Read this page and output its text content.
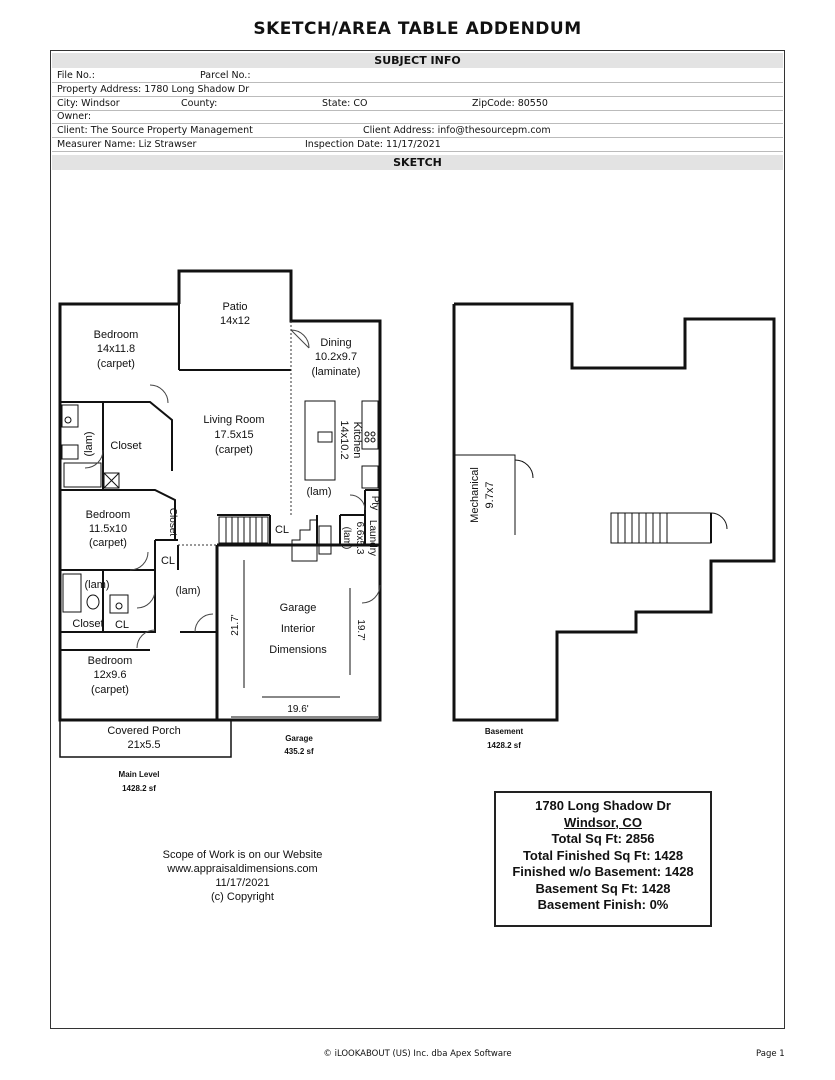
SKETCH/AREA TABLE ADDENDUM
SUBJECT INFO
File No.:	Parcel No.:
Property Address: 1780 Long Shadow Dr
City: Windsor	County:	State: CO	ZipCode: 80550
Owner:
Client: The Source Property Management	Client Address: info@thesourcepm.com
Measurer Name: Liz Strawser	Inspection Date: 11/17/2021
SKETCH
Patio
14x12
Bedroom
14x11.8
(carpet)
Dining
10.2x9.7
(laminate)
Living Room
17.5x15
(carpet)	Kitchen
14x10.2
(lam) Closet
(lam)
Pty
Laundry
6.6x5.3
(lam)
Bedroom
11.5x10
(carpet)
Closet	CL
CL
(lam)
(lam)
Closet CL
Bedroom
12x9.6
(carpet)
Garage
Interior
Dimensions
21.7'	19.7'
19.6'
Covered Porch
21x5.5
Garage
435.2 sf
Main Level
1428.2 sf
Mechanical 9.7x7
Basement
1428.2 sf
Scope of Work is on our Website
www.appraisaldimensions.com
11/17/2021
(c) Copyright
1780 Long Shadow Dr
Windsor, CO
Total Sq Ft: 2856
Total Finished Sq Ft: 1428
Finished w/o Basement: 1428
Basement Sq Ft: 1428
Basement Finish: 0%
© iLOOKABOUT (US) Inc. dba Apex Software	Page 1
